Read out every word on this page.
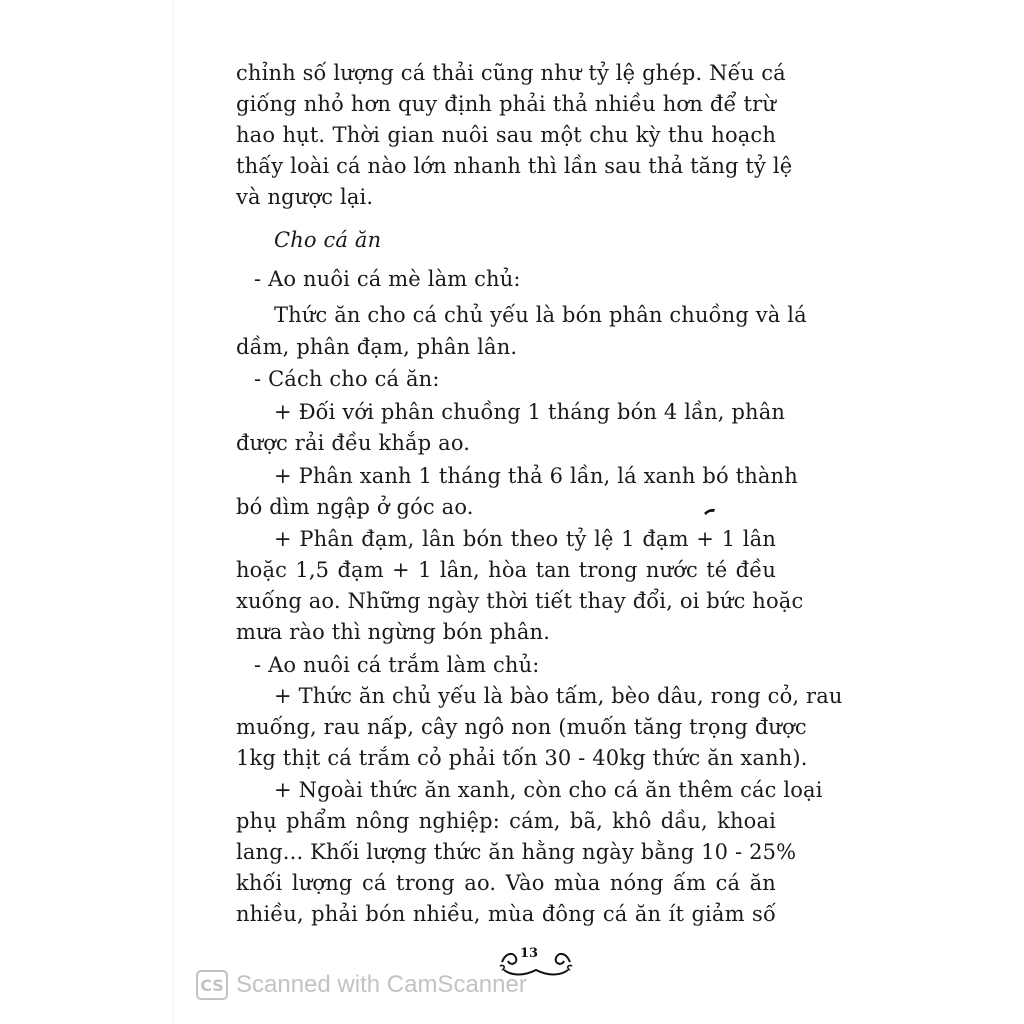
chỉnh số lượng cá thải cũng như tỷ lệ ghép. Nếu cá
giống nhỏ hơn quy định phải thả nhiều hơn để trừ
hao hụt. Thời gian nuôi sau một chu kỳ thu hoạch
thấy loài cá nào lớn nhanh thì lần sau thả tăng tỷ lệ
và ngược lại.
Cho cá ăn
- Ao nuôi cá mè làm chủ:
Thức ăn cho cá chủ yếu là bón phân chuồng và lá
dầm, phân đạm, phân lân.
- Cách cho cá ăn:
+ Đối với phân chuồng 1 tháng bón 4 lần, phân
được rải đều khắp ao.
+ Phân xanh 1 tháng thả 6 lần, lá xanh bó thành
bó dìm ngập ở góc ao.
+ Phân đạm, lân bón theo tỷ lệ 1 đạm + 1 lân
hoặc 1,5 đạm + 1 lân, hòa tan trong nước té đều
xuống ao. Những ngày thời tiết thay đổi, oi bức hoặc
mưa rào thì ngừng bón phân.
- Ao nuôi cá trắm làm chủ:
+ Thức ăn chủ yếu là bào tấm, bèo dâu, rong cỏ, rau
muống, rau nấp, cây ngô non (muốn tăng trọng được
1kg thịt cá trắm cỏ phải tốn 30 - 40kg thức ăn xanh).
+ Ngoài thức ăn xanh, còn cho cá ăn thêm các loại
phụ phẩm nông nghiệp: cám, bã, khô dầu, khoai
lang... Khối lượng thức ăn hằng ngày bằng 10 - 25%
khối lượng cá trong ao. Vào mùa nóng ấm cá ăn
nhiều, phải bón nhiều, mùa đông cá ăn ít giảm số
13
CS Scanned with CamScanner
